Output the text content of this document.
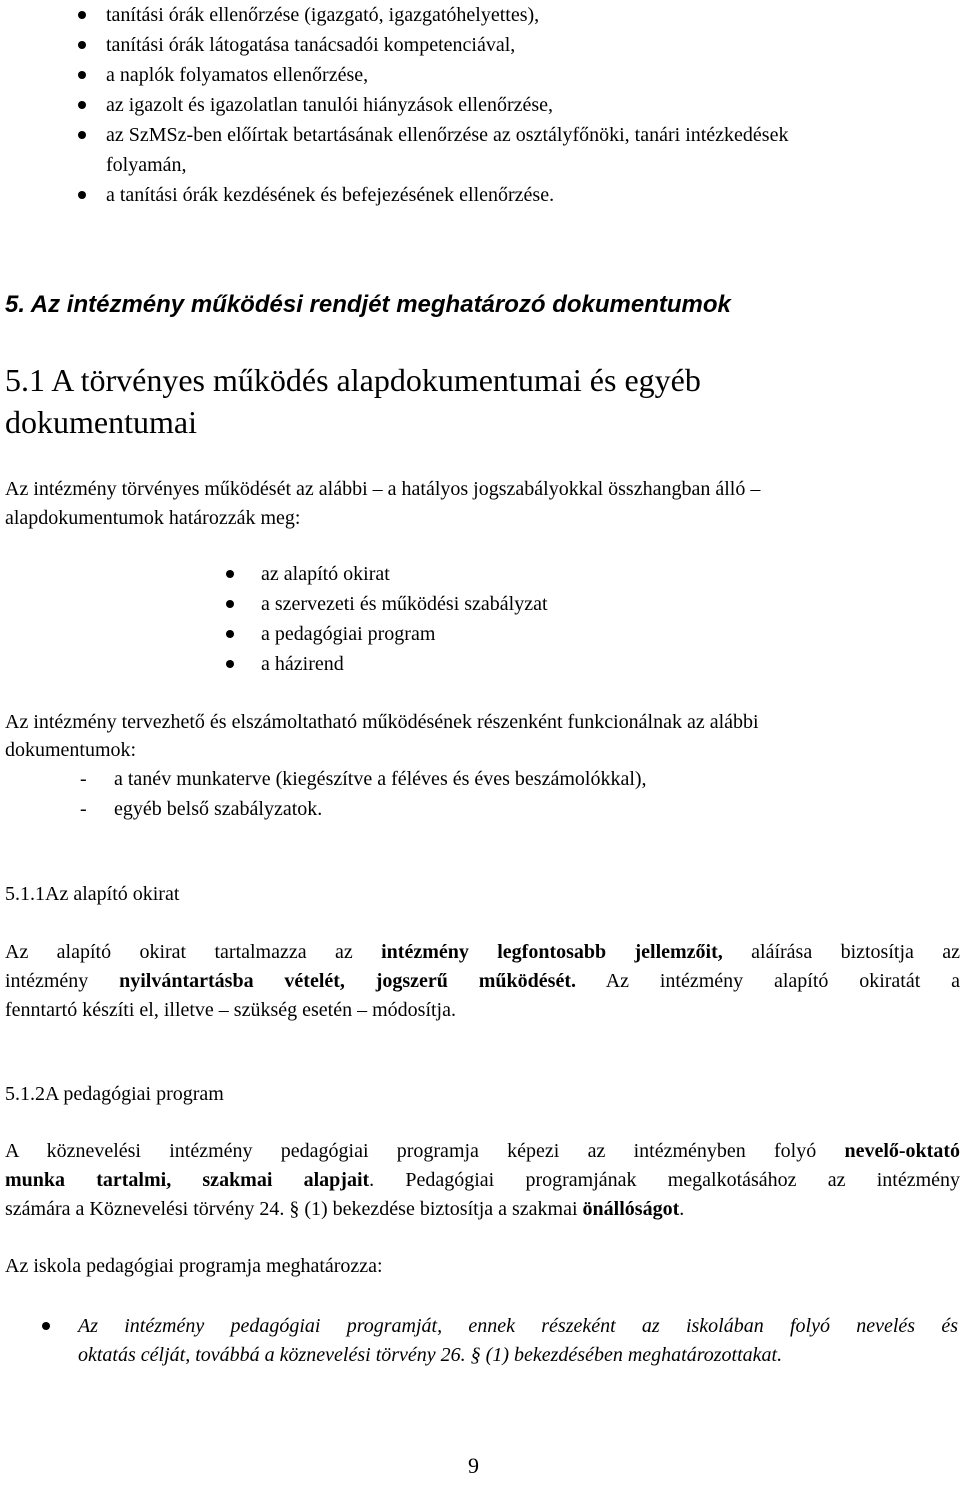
tanítási órák ellenőrzése (igazgató, igazgatóhelyettes),
tanítási órák látogatása tanácsadói kompetenciával,
a naplók folyamatos ellenőrzése,
az igazolt és igazolatlan tanulói hiányzások ellenőrzése,
az SzMSz-ben előírtak betartásának ellenőrzése az osztályfőnöki, tanári intézkedések
folyamán,
a tanítási órák kezdésének és befejezésének ellenőrzése.
5. Az intézmény működési rendjét meghatározó dokumentumok
5.1 A törvényes működés alapdokumentumai és egyéb
dokumentumai
Az intézmény törvényes működését az alábbi – a hatályos jogszabályokkal összhangban álló –
alapdokumentumok határozzák meg:
az alapító okirat
a szervezeti és működési szabályzat
a pedagógiai program
a házirend
Az intézmény tervezhető és elszámoltatható működésének részenként funkcionálnak az alábbi
dokumentumok:
- a tanév munkaterve (kiegészítve a féléves és éves beszámolókkal),
- egyéb belső szabályzatok.
5.1.1Az alapító okirat
Az alapító okirat tartalmazza az intézmény legfontosabb jellemzőit, aláírása biztosítja az
intézmény nyilvántartásba vételét, jogszerű működését. Az intézmény alapító okiratát a
fenntartó készíti el, illetve – szükség esetén – módosítja.
5.1.2A pedagógiai program
A köznevelési intézmény pedagógiai programja képezi az intézményben folyó nevelő-oktató
munka tartalmi, szakmai alapjait. Pedagógiai programjának megalkotásához az intézmény
számára a Köznevelési törvény 24. § (1) bekezdése biztosítja a szakmai önállóságot.
Az iskola pedagógiai programja meghatározza:
Az intézmény pedagógiai programját, ennek részeként az iskolában folyó nevelés és
oktatás célját, továbbá a köznevelési törvény 26. § (1) bekezdésében meghatározottakat.
9
